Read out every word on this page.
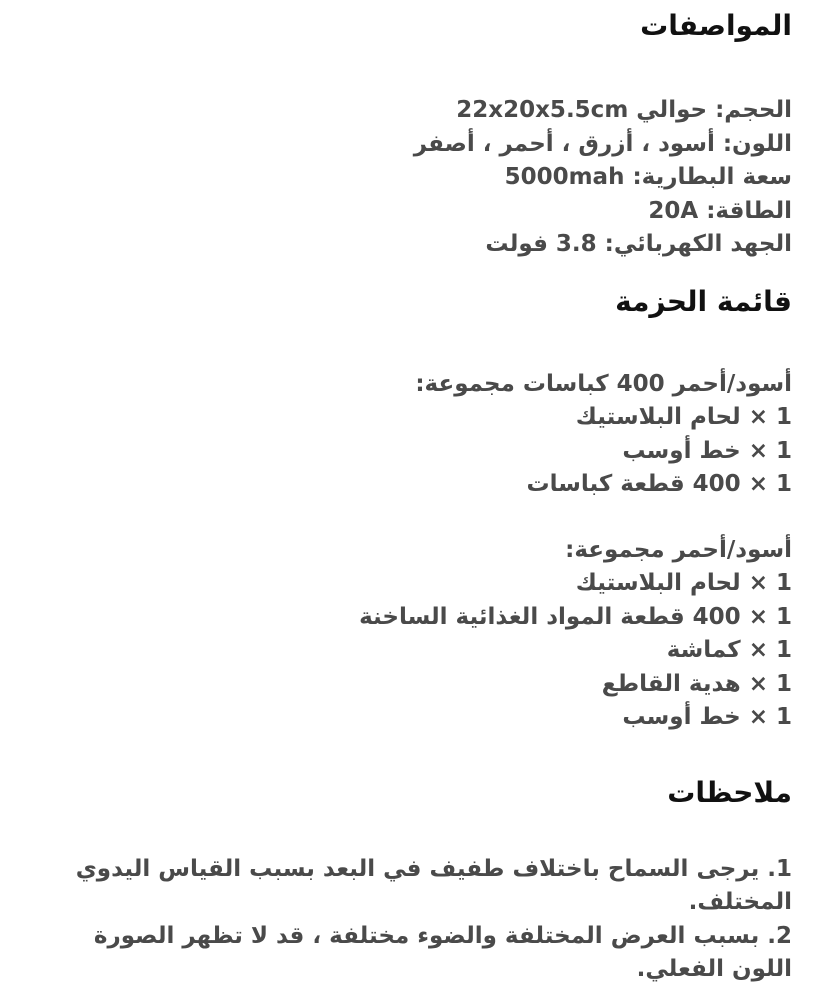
المواصفات
الحجم: حوالي 22x20x5.5cm
اللون: أسود ، أزرق ، أحمر ، أصفر
سعة البطارية: 5000mah
الطاقة: 20A
الجهد الكهربائي: 3.8 فولت
قائمة الحزمة
أسود/أحمر 400 كباسات مجموعة:
1 × لحام البلاستيك
1 × خط أوسب
1 × 400 قطعة كباسات
أسود/أحمر مجموعة:
1 × لحام البلاستيك
1 × 400 قطعة المواد الغذائية الساخنة
1 × كماشة
1 × هدية القاطع
1 × خط أوسب
ملاحظات
1. يرجى السماح باختلاف طفيف في البعد بسبب القياس اليدوي المختلف.
2. بسبب العرض المختلفة والضوء مختلفة ، قد لا تظهر الصورة اللون الفعلي.
